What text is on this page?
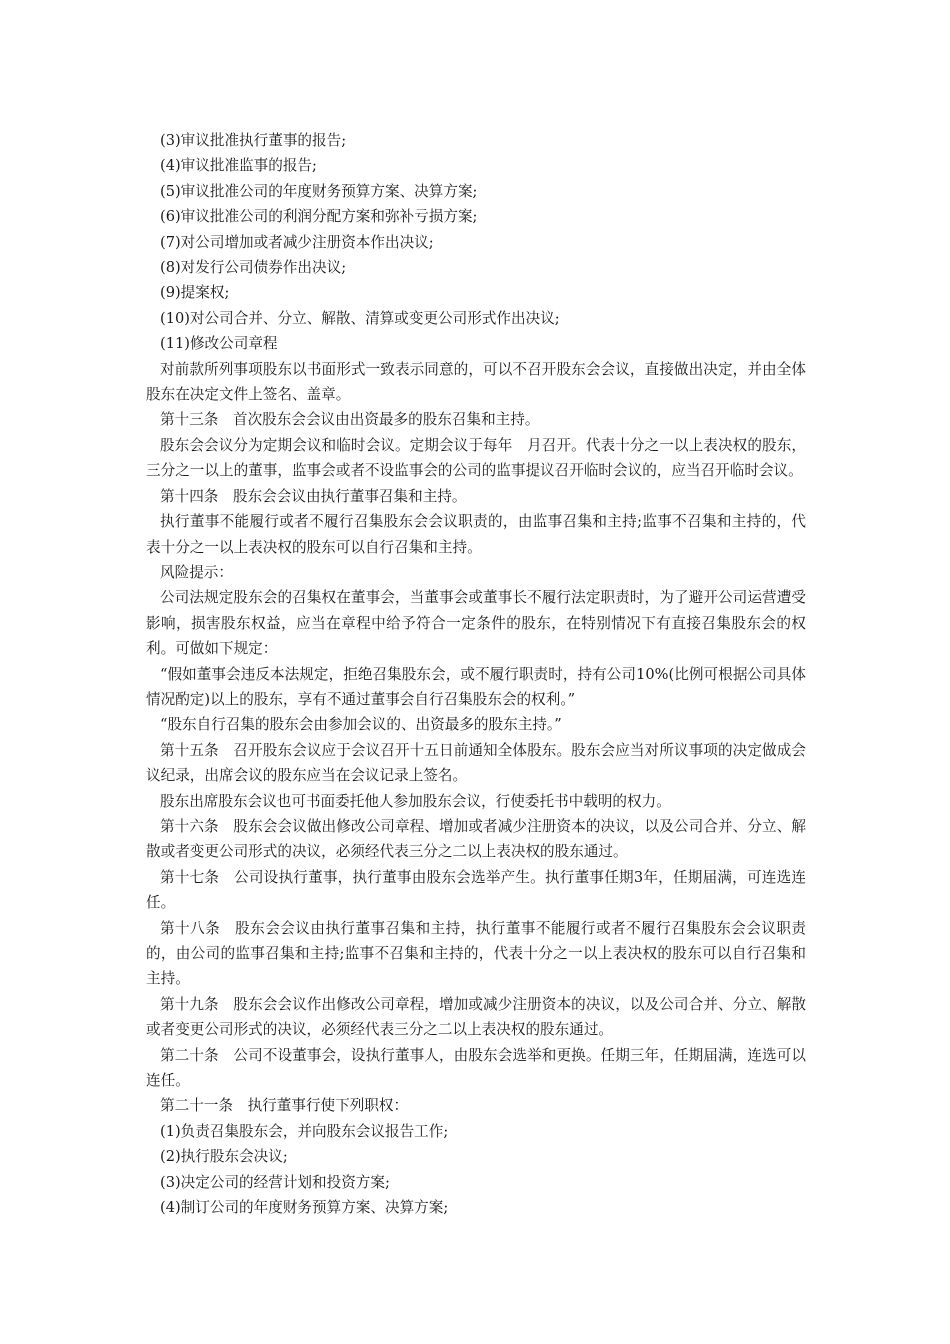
(3)审议批准执行董事的报告;

(4)审议批准监事的报告;

(5)审议批准公司的年度财务预算方案、决算方案;

(6)审议批准公司的利润分配方案和弥补亏损方案;

(7)对公司增加或者减少注册资本作出决议;

(8)对发行公司债券作出决议;

(9)提案权;

(10)对公司合并、分立、解散、清算或变更公司形式作出决议;

(11)修改公司章程

对前款所列事项股东以书面形式一致表示同意的，可以不召开股东会会议，直接做出决定，并由全体股东在决定文件上签名、盖章。

第十三条　首次股东会会议由出资最多的股东召集和主持。

股东会会议分为定期会议和临时会议。定期会议于每年　月召开。代表十分之一以上表决权的股东，三分之一以上的董事，监事会或者不设监事会的公司的监事提议召开临时会议的，应当召开临时会议。

第十四条　股东会会议由执行董事召集和主持。

执行董事不能履行或者不履行召集股东会会议职责的，由监事召集和主持;监事不召集和主持的，代表十分之一以上表决权的股东可以自行召集和主持。

风险提示：

公司法规定股东会的召集权在董事会，当董事会或董事长不履行法定职责时，为了避开公司运营遭受影响，损害股东权益，应当在章程中给予符合一定条件的股东，在特别情况下有直接召集股东会的权利。可做如下规定：

“假如董事会违反本法规定，拒绝召集股东会，或不履行职责时，持有公司10%(比例可根据公司具体情况酌定)以上的股东，享有不通过董事会自行召集股东会的权利。”

“股东自行召集的股东会由参加会议的、出资最多的股东主持。”

第十五条　召开股东会议应于会议召开十五日前通知全体股东。股东会应当对所议事项的决定做成会议纪录，出席会议的股东应当在会议记录上签名。

股东出席股东会议也可书面委托他人参加股东会议，行使委托书中载明的权力。

第十六条　股东会会议做出修改公司章程、增加或者减少注册资本的决议，以及公司合并、分立、解散或者变更公司形式的决议，必须经代表三分之二以上表决权的股东通过。

第十七条　公司设执行董事，执行董事由股东会选举产生。执行董事任期3年，任期届满，可连选连任。

第十八条　股东会会议由执行董事召集和主持，执行董事不能履行或者不履行召集股东会会议职责的，由公司的监事召集和主持;监事不召集和主持的，代表十分之一以上表决权的股东可以自行召集和主持。

第十九条　股东会会议作出修改公司章程，增加或减少注册资本的决议，以及公司合并、分立、解散或者变更公司形式的决议，必须经代表三分之二以上表决权的股东通过。

第二十条　公司不设董事会，设执行董事人，由股东会选举和更换。任期三年，任期届满，连选可以连任。

第二十一条　执行董事行使下列职权：

(1)负责召集股东会，并向股东会议报告工作;

(2)执行股东会决议;

(3)决定公司的经营计划和投资方案;

(4)制订公司的年度财务预算方案、决算方案;
